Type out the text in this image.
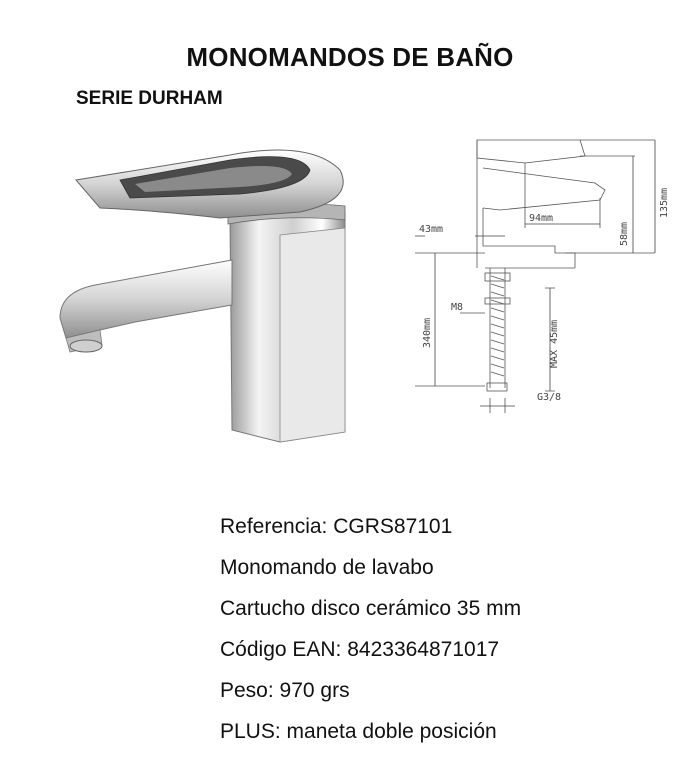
MONOMANDOS DE BAÑO
SERIE DURHAM
94mm
135mm
43mm	58mm
M8
340mm	MAX 45mm
G3/8
Referencia: CGRS87101
Monomando de lavabo
Cartucho disco cerámico 35 mm
Código EAN: 8423364871017
Peso: 970 grs
PLUS: maneta doble posición
